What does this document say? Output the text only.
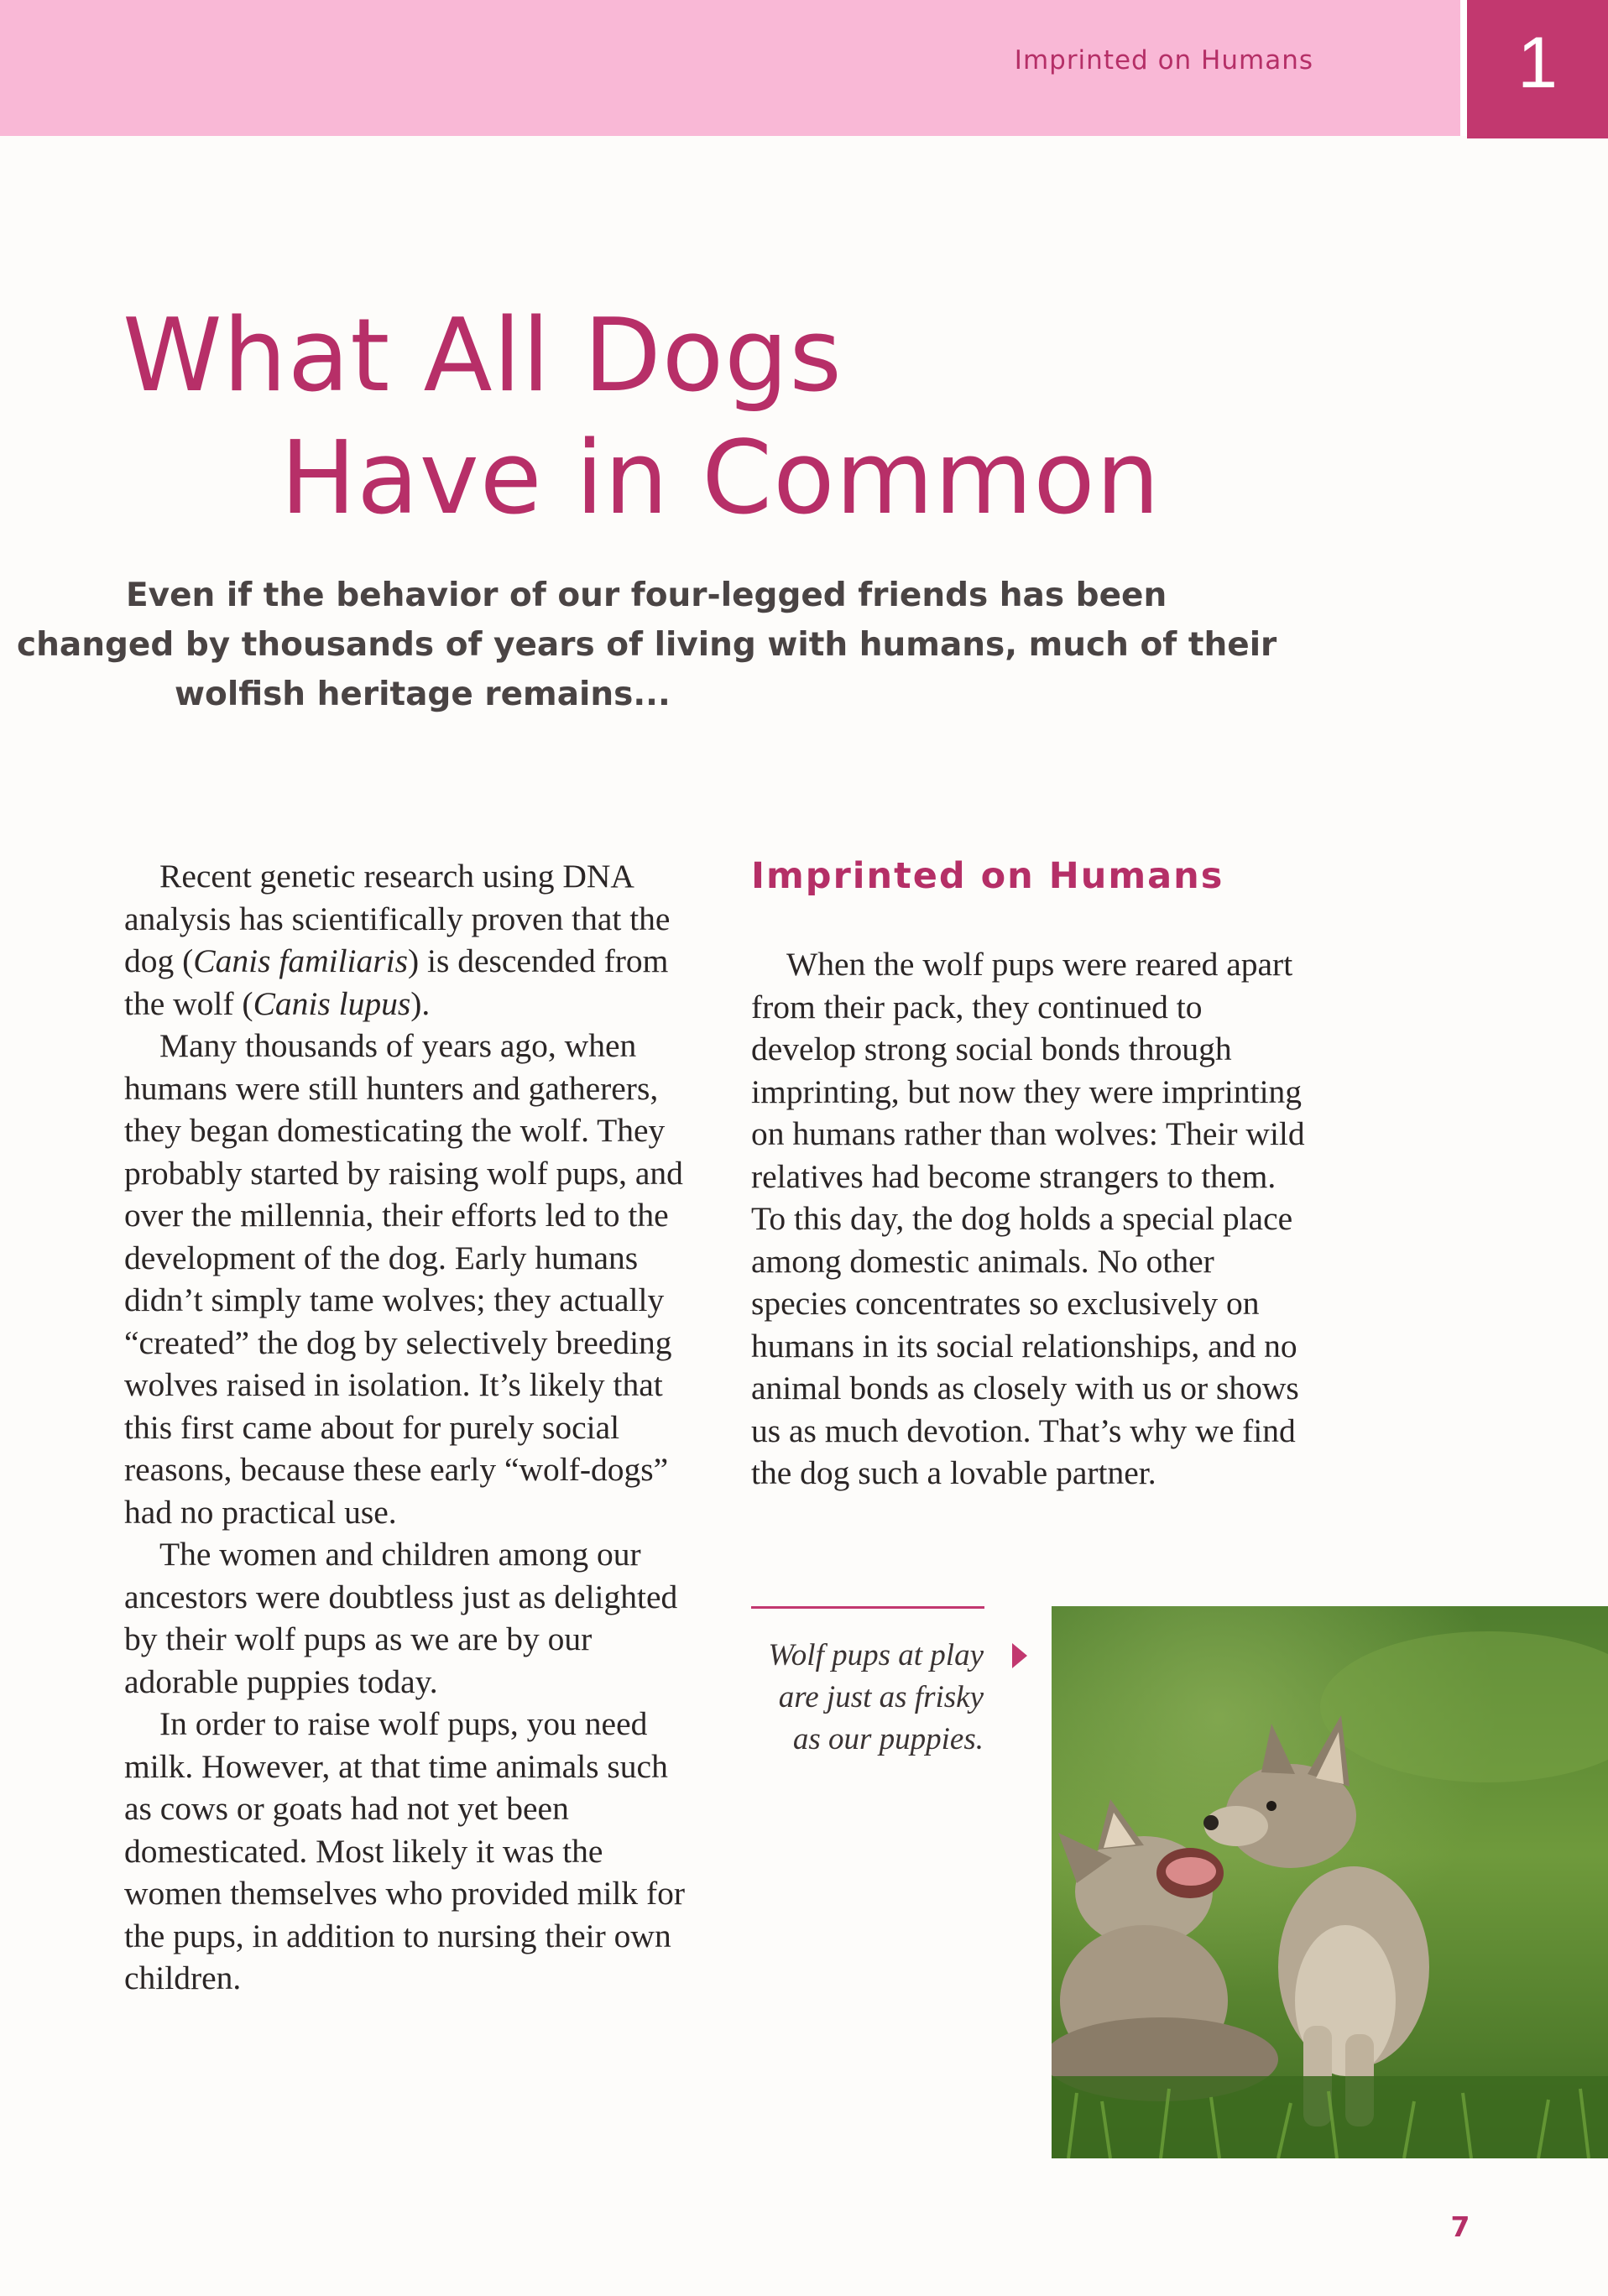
Imprinted on Humans	1
What All Dogs
Have in Common
Even if the behavior of our four-legged friends has been
changed by thousands of years of living with humans, much of their
wolfish heritage remains...

Recent genetic research using DNA analysis has scientifically proven that the dog (Canis familiaris) is descended from the wolf (Canis lupus).

Many thousands of years ago, when humans were still hunters and gatherers, they began domesticating the wolf. They probably started by raising wolf pups, and over the millennia, their efforts led to the development of the dog. Early humans didn’t simply tame wolves; they actually “created” the dog by selectively breeding wolves raised in isolation. It’s likely that this first came about for purely social reasons, because these early “wolf-dogs” had no practical use.

The women and children among our ancestors were doubtless just as delighted by their wolf pups as we are by our adorable puppies today.

In order to raise wolf pups, you need milk. However, at that time animals such as cows or goats had not yet been domesticated. Most likely it was the women themselves who provided milk for the pups, in addition to nursing their own children.

Imprinted on Humans

When the wolf pups were reared apart from their pack, they continued to develop strong social bonds through imprinting, but now they were imprinting on humans rather than wolves: Their wild relatives had become strangers to them. To this day, the dog holds a special place among domestic animals. No other species concentrates so exclusively on humans in its social relationships, and no animal bonds as closely with us or shows us as much devotion. That’s why we find the dog such a lovable partner.

Wolf pups at play
are just as frisky
as our puppies.
7
